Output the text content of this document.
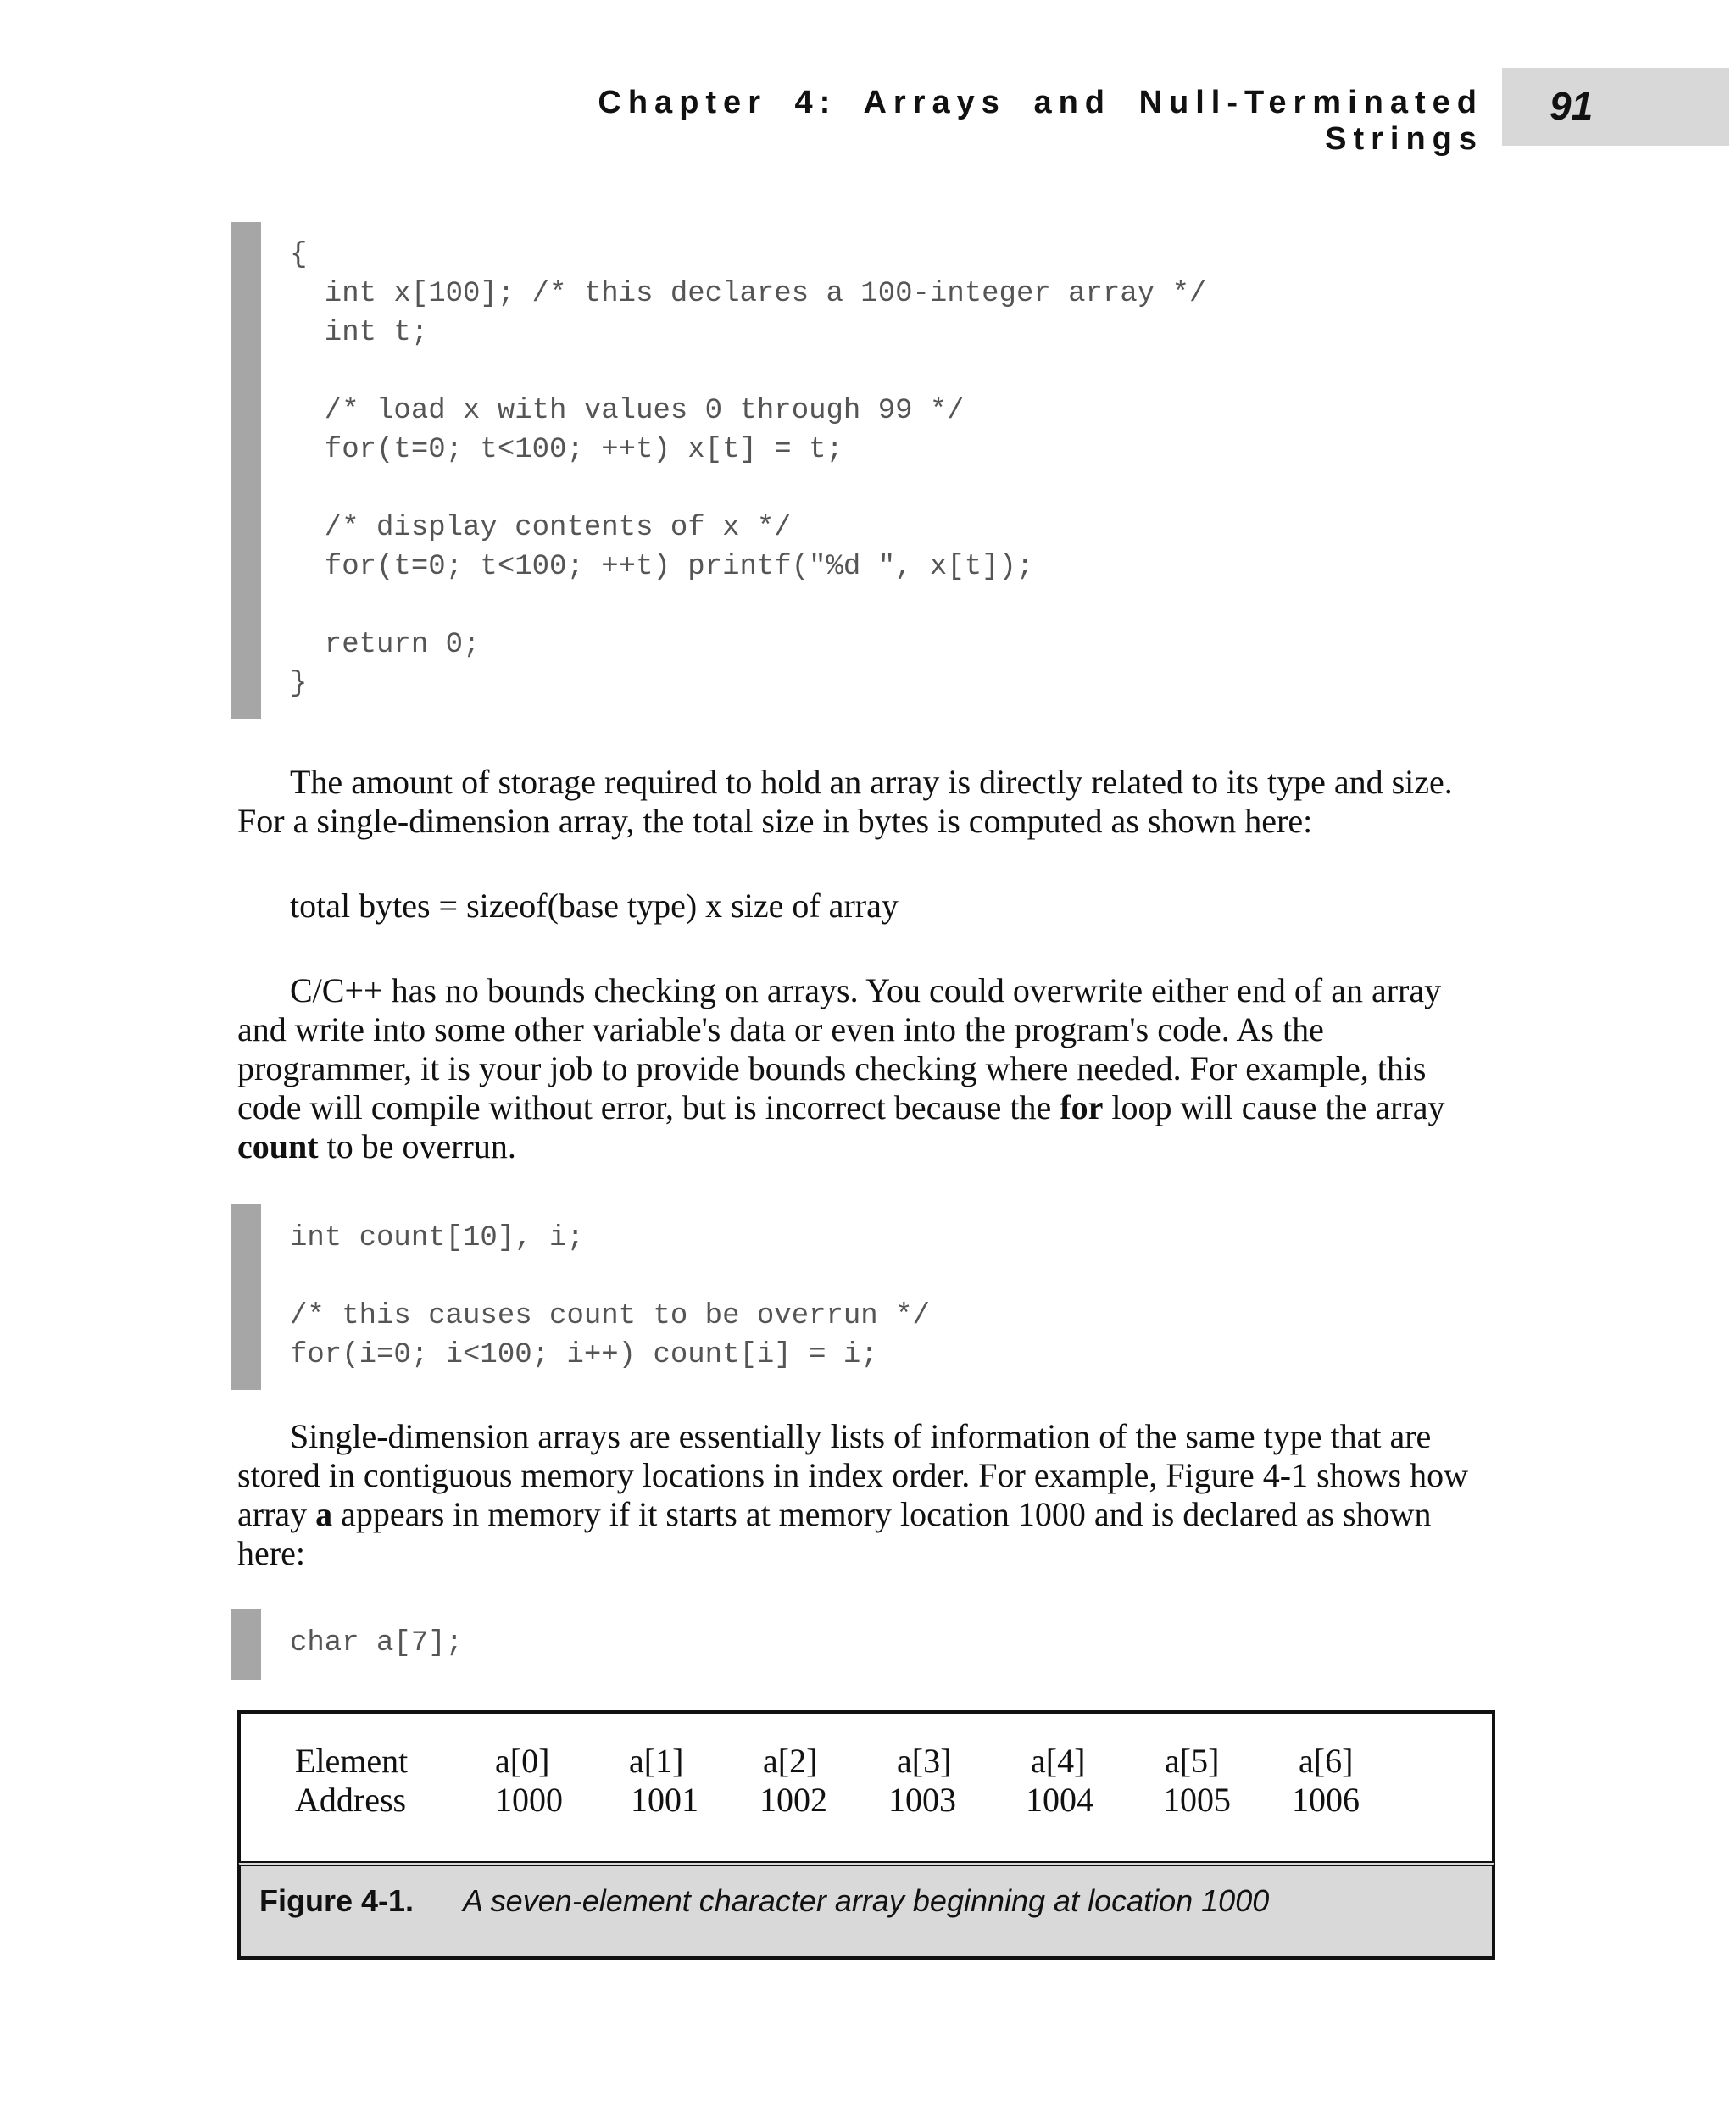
Chapter 4: Arrays and Null-Terminated Strings
91
{
int x[100]; /* this declares a 100-integer array */
int t;

/* load x with values 0 through 99 */
for(t=0; t<100; ++t) x[t] = t;

/* display contents of x */
for(t=0; t<100; ++t) printf("%d ", x[t]);

return 0;
}

The amount of storage required to hold an array is directly related to its type and size. For a single-dimension array, the total size in bytes is computed as shown here:

total bytes = sizeof(base type) x size of array

C/C++ has no bounds checking on arrays. You could overwrite either end of an array and write into some other variable's data or even into the program's code. As the programmer, it is your job to provide bounds checking where needed. For example, this code will compile without error, but is incorrect because the for loop will cause the array count to be overrun.

int count[10], i;

/* this causes count to be overrun */
for(i=0; i<100; i++) count[i] = i;

Single-dimension arrays are essentially lists of information of the same type that are stored in contiguous memory locations in index order. For example, Figure 4-1 shows how array a appears in memory if it starts at memory location 1000 and is declared as shown here:

char a[7];
Element	a[0] a[1] a[2] a[3] a[4] a[5] a[6]
Address	1000 1001 1002 1003 1004 1005 1006
Figure 4-1. A seven-element character array beginning at location 1000
